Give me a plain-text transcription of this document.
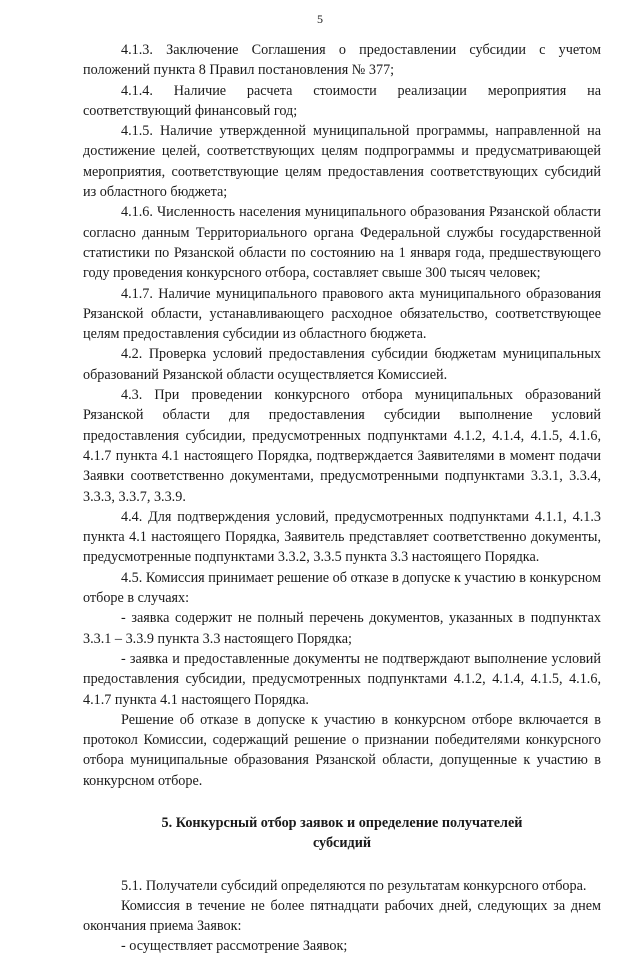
5

4.1.3. Заключение Соглашения о предоставлении субсидии с учетом положений пункта 8 Правил постановления № 377;

4.1.4. Наличие расчета стоимости реализации мероприятия на соответствующий финансовый год;

4.1.5. Наличие утвержденной муниципальной программы, направленной на достижение целей, соответствующих целям подпрограммы и предусматривающей мероприятия, соответствующие целям предоставления соответствующих субсидий из областного бюджета;

4.1.6. Численность населения муниципального образования Рязанской области согласно данным Территориального органа Федеральной службы государственной статистики по Рязанской области по состоянию на 1 января года, предшествующего году проведения конкурсного отбора, составляет свыше 300 тысяч человек;

4.1.7. Наличие муниципального правового акта муниципального образования Рязанской области, устанавливающего расходное обязательство, соответствующее целям предоставления субсидии из областного бюджета.

4.2. Проверка условий предоставления субсидии бюджетам муниципальных образований Рязанской области осуществляется Комиссией.

4.3. При проведении конкурсного отбора муниципальных образований Рязанской области для предоставления субсидии выполнение условий предоставления субсидии, предусмотренных подпунктами 4.1.2, 4.1.4, 4.1.5, 4.1.6, 4.1.7 пункта 4.1 настоящего Порядка, подтверждается Заявителями в момент подачи Заявки соответственно документами, предусмотренными подпунктами 3.3.1, 3.3.4, 3.3.3, 3.3.7, 3.3.9.

4.4. Для подтверждения условий, предусмотренных подпунктами 4.1.1, 4.1.3 пункта 4.1 настоящего Порядка, Заявитель представляет соответственно документы, предусмотренные подпунктами 3.3.2, 3.3.5 пункта 3.3 настоящего Порядка.

4.5. Комиссия принимает решение об отказе в допуске к участию в конкурсном отборе в случаях:

- заявка содержит не полный перечень документов, указанных в подпунктах 3.3.1 – 3.3.9 пункта 3.3 настоящего Порядка;

- заявка и предоставленные документы не подтверждают выполнение условий предоставления субсидии, предусмотренных подпунктами 4.1.2, 4.1.4, 4.1.5, 4.1.6, 4.1.7 пункта 4.1 настоящего Порядка.

Решение об отказе в допуске к участию в конкурсном отборе включается в протокол Комиссии, содержащий решение о признании победителями конкурсного отбора муниципальные образования Рязанской области, допущенные к участию в конкурсном отборе.

5. Конкурсный отбор заявок и определение получателей
субсидий

5.1. Получатели субсидий определяются по результатам конкурсного отбора.

Комиссия в течение не более пятнадцати рабочих дней, следующих за днем окончания приема Заявок:

- осуществляет рассмотрение Заявок;
